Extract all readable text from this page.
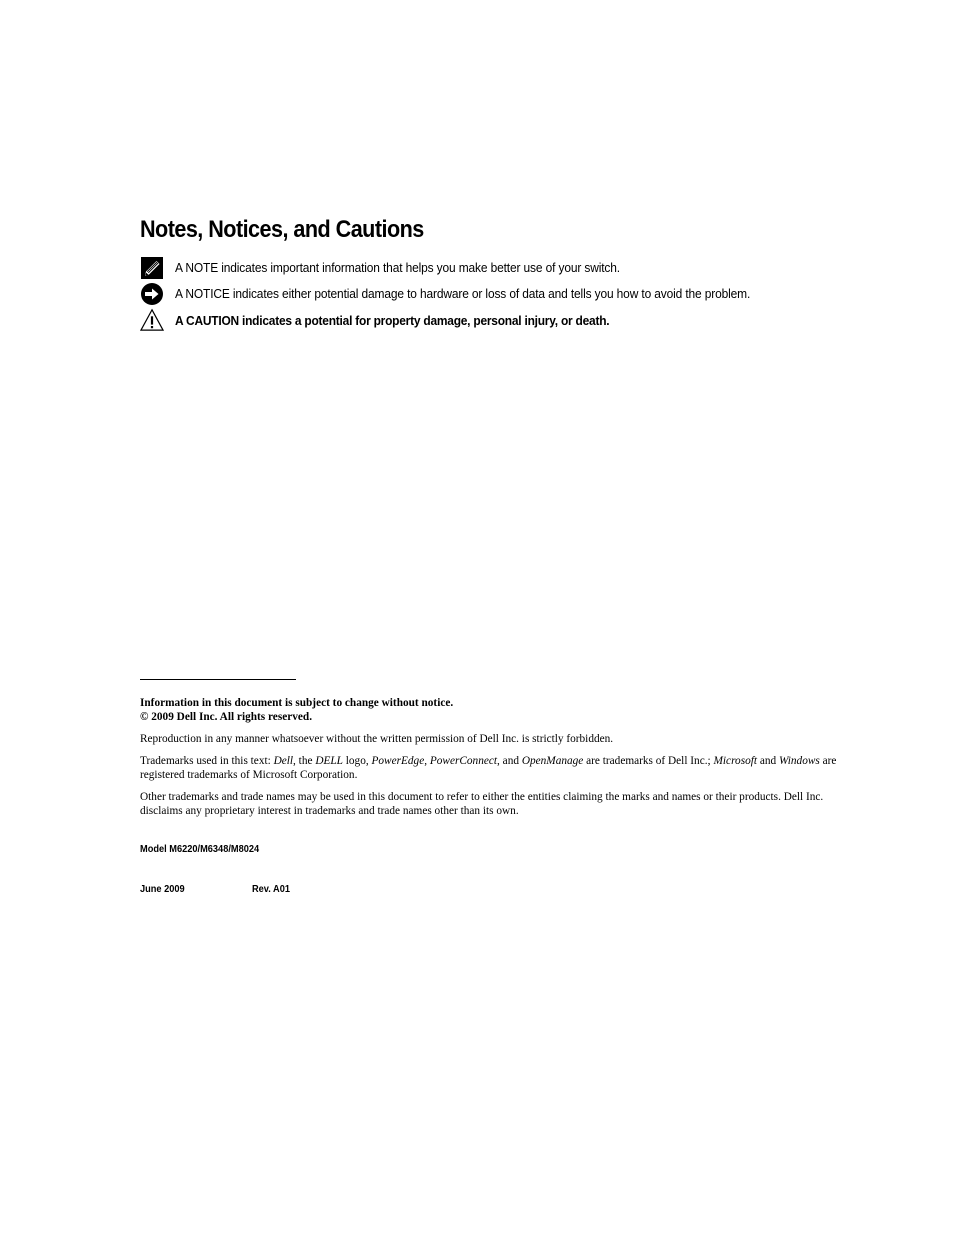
Notes, Notices, and Cautions
A NOTE indicates important information that helps you make better use of your switch.
A NOTICE indicates either potential damage to hardware or loss of data and tells you how to avoid the problem.
A CAUTION indicates a potential for property damage, personal injury, or death.

Information in this document is subject to change without notice.

© 2009 Dell Inc. All rights reserved.

Reproduction in any manner whatsoever without the written permission of Dell Inc. is strictly forbidden.

Trademarks used in this text: Dell, the DELL logo, PowerEdge, PowerConnect, and OpenManage are trademarks of Dell Inc.; Microsoft and Windows are registered trademarks of Microsoft Corporation.

Other trademarks and trade names may be used in this document to refer to either the entities claiming the marks and names or their products. Dell Inc. disclaims any proprietary interest in trademarks and trade names other than its own.

Model M6220/M6348/M8024
June 2009	Rev. A01
